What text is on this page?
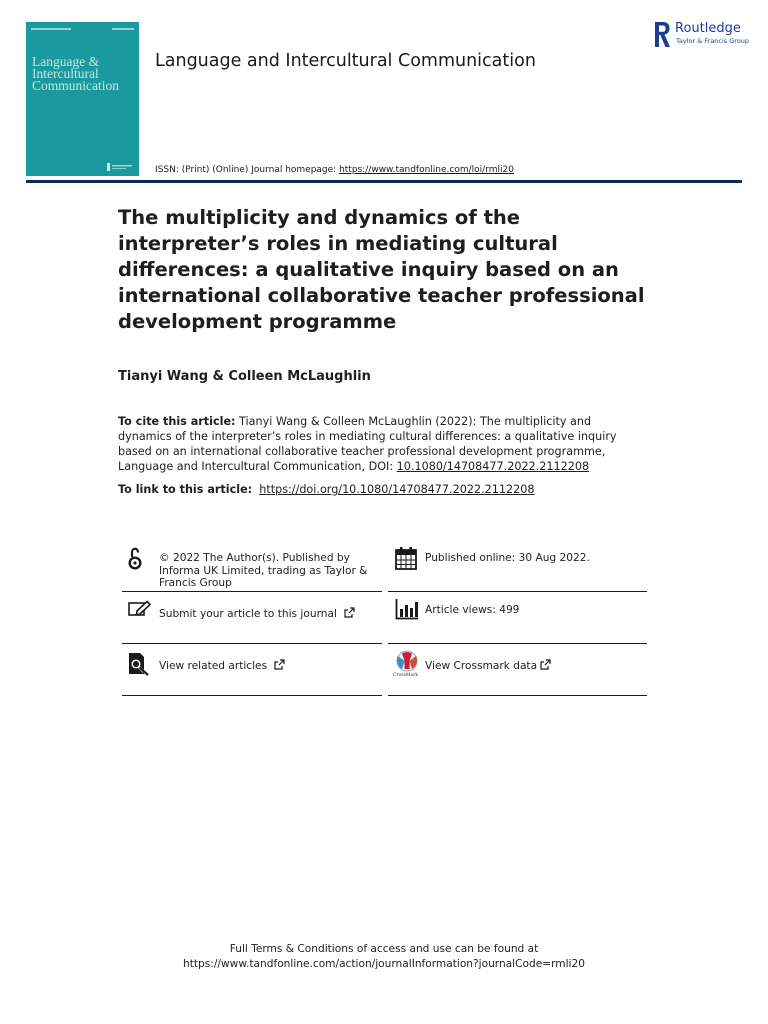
Language & Intercultural Communication
Language and Intercultural Communication
Routledge
Taylor & Francis Group
ISSN: (Print) (Online) Journal homepage: https://www.tandfonline.com/loi/rmli20
The multiplicity and dynamics of the interpreter’s roles in mediating cultural differences: a qualitative inquiry based on an international collaborative teacher professional development programme
Tianyi Wang & Colleen McLaughlin
To cite this article: Tianyi Wang & Colleen McLaughlin (2022): The multiplicity and dynamics of the interpreter’s roles in mediating cultural differences: a qualitative inquiry based on an international collaborative teacher professional development programme, Language and Intercultural Communication, DOI: 10.1080/14708477.2022.2112208
To link to this article: https://doi.org/10.1080/14708477.2022.2112208
© 2022 The Author(s). Published by Informa UK Limited, trading as Taylor & Francis Group
Submit your article to this journal
View related articles
Published online: 30 Aug 2022.
Article views: 499
CrossMark
View Crossmark data
Full Terms & Conditions of access and use can be found at
https://www.tandfonline.com/action/journalInformation?journalCode=rmli20
